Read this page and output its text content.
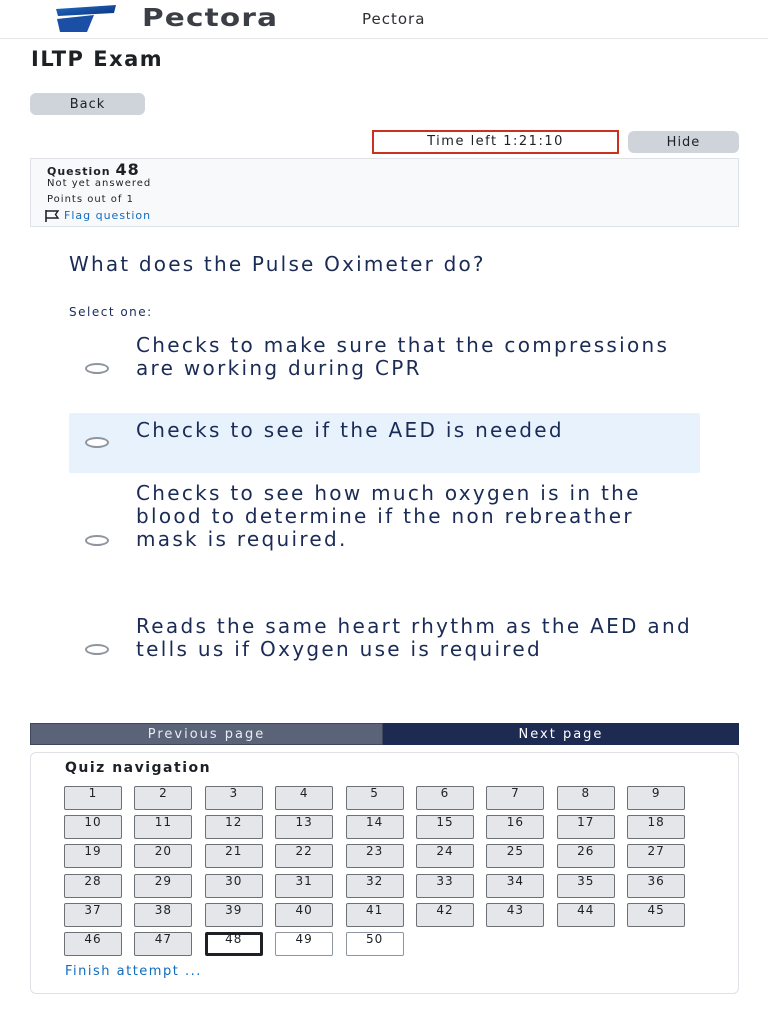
Pectora	Pectora
ILTP Exam
Back
Time left 1:21:10	Hide
Question 48
Not yet answered
Points out of 1
Flag question
What does the Pulse Oximeter do?
Select one:
Checks to make sure that the compressions are working during CPR
Checks to see if the AED is needed
Checks to see how much oxygen is in the blood to determine if the non rebreather mask is required.
Reads the same heart rhythm as the AED and tells us if Oxygen use is required
Previous page	Next page
Quiz navigation
1	2	3	4	5	6	7	8	9
10	11	12	13	14	15	16	17	18
19	20	21	22	23	24	25	26	27
28	29	30	31	32	33	34	35	36
37	38	39	40	41	42	43	44	45
46	47	48	49	50
Finish attempt ...
